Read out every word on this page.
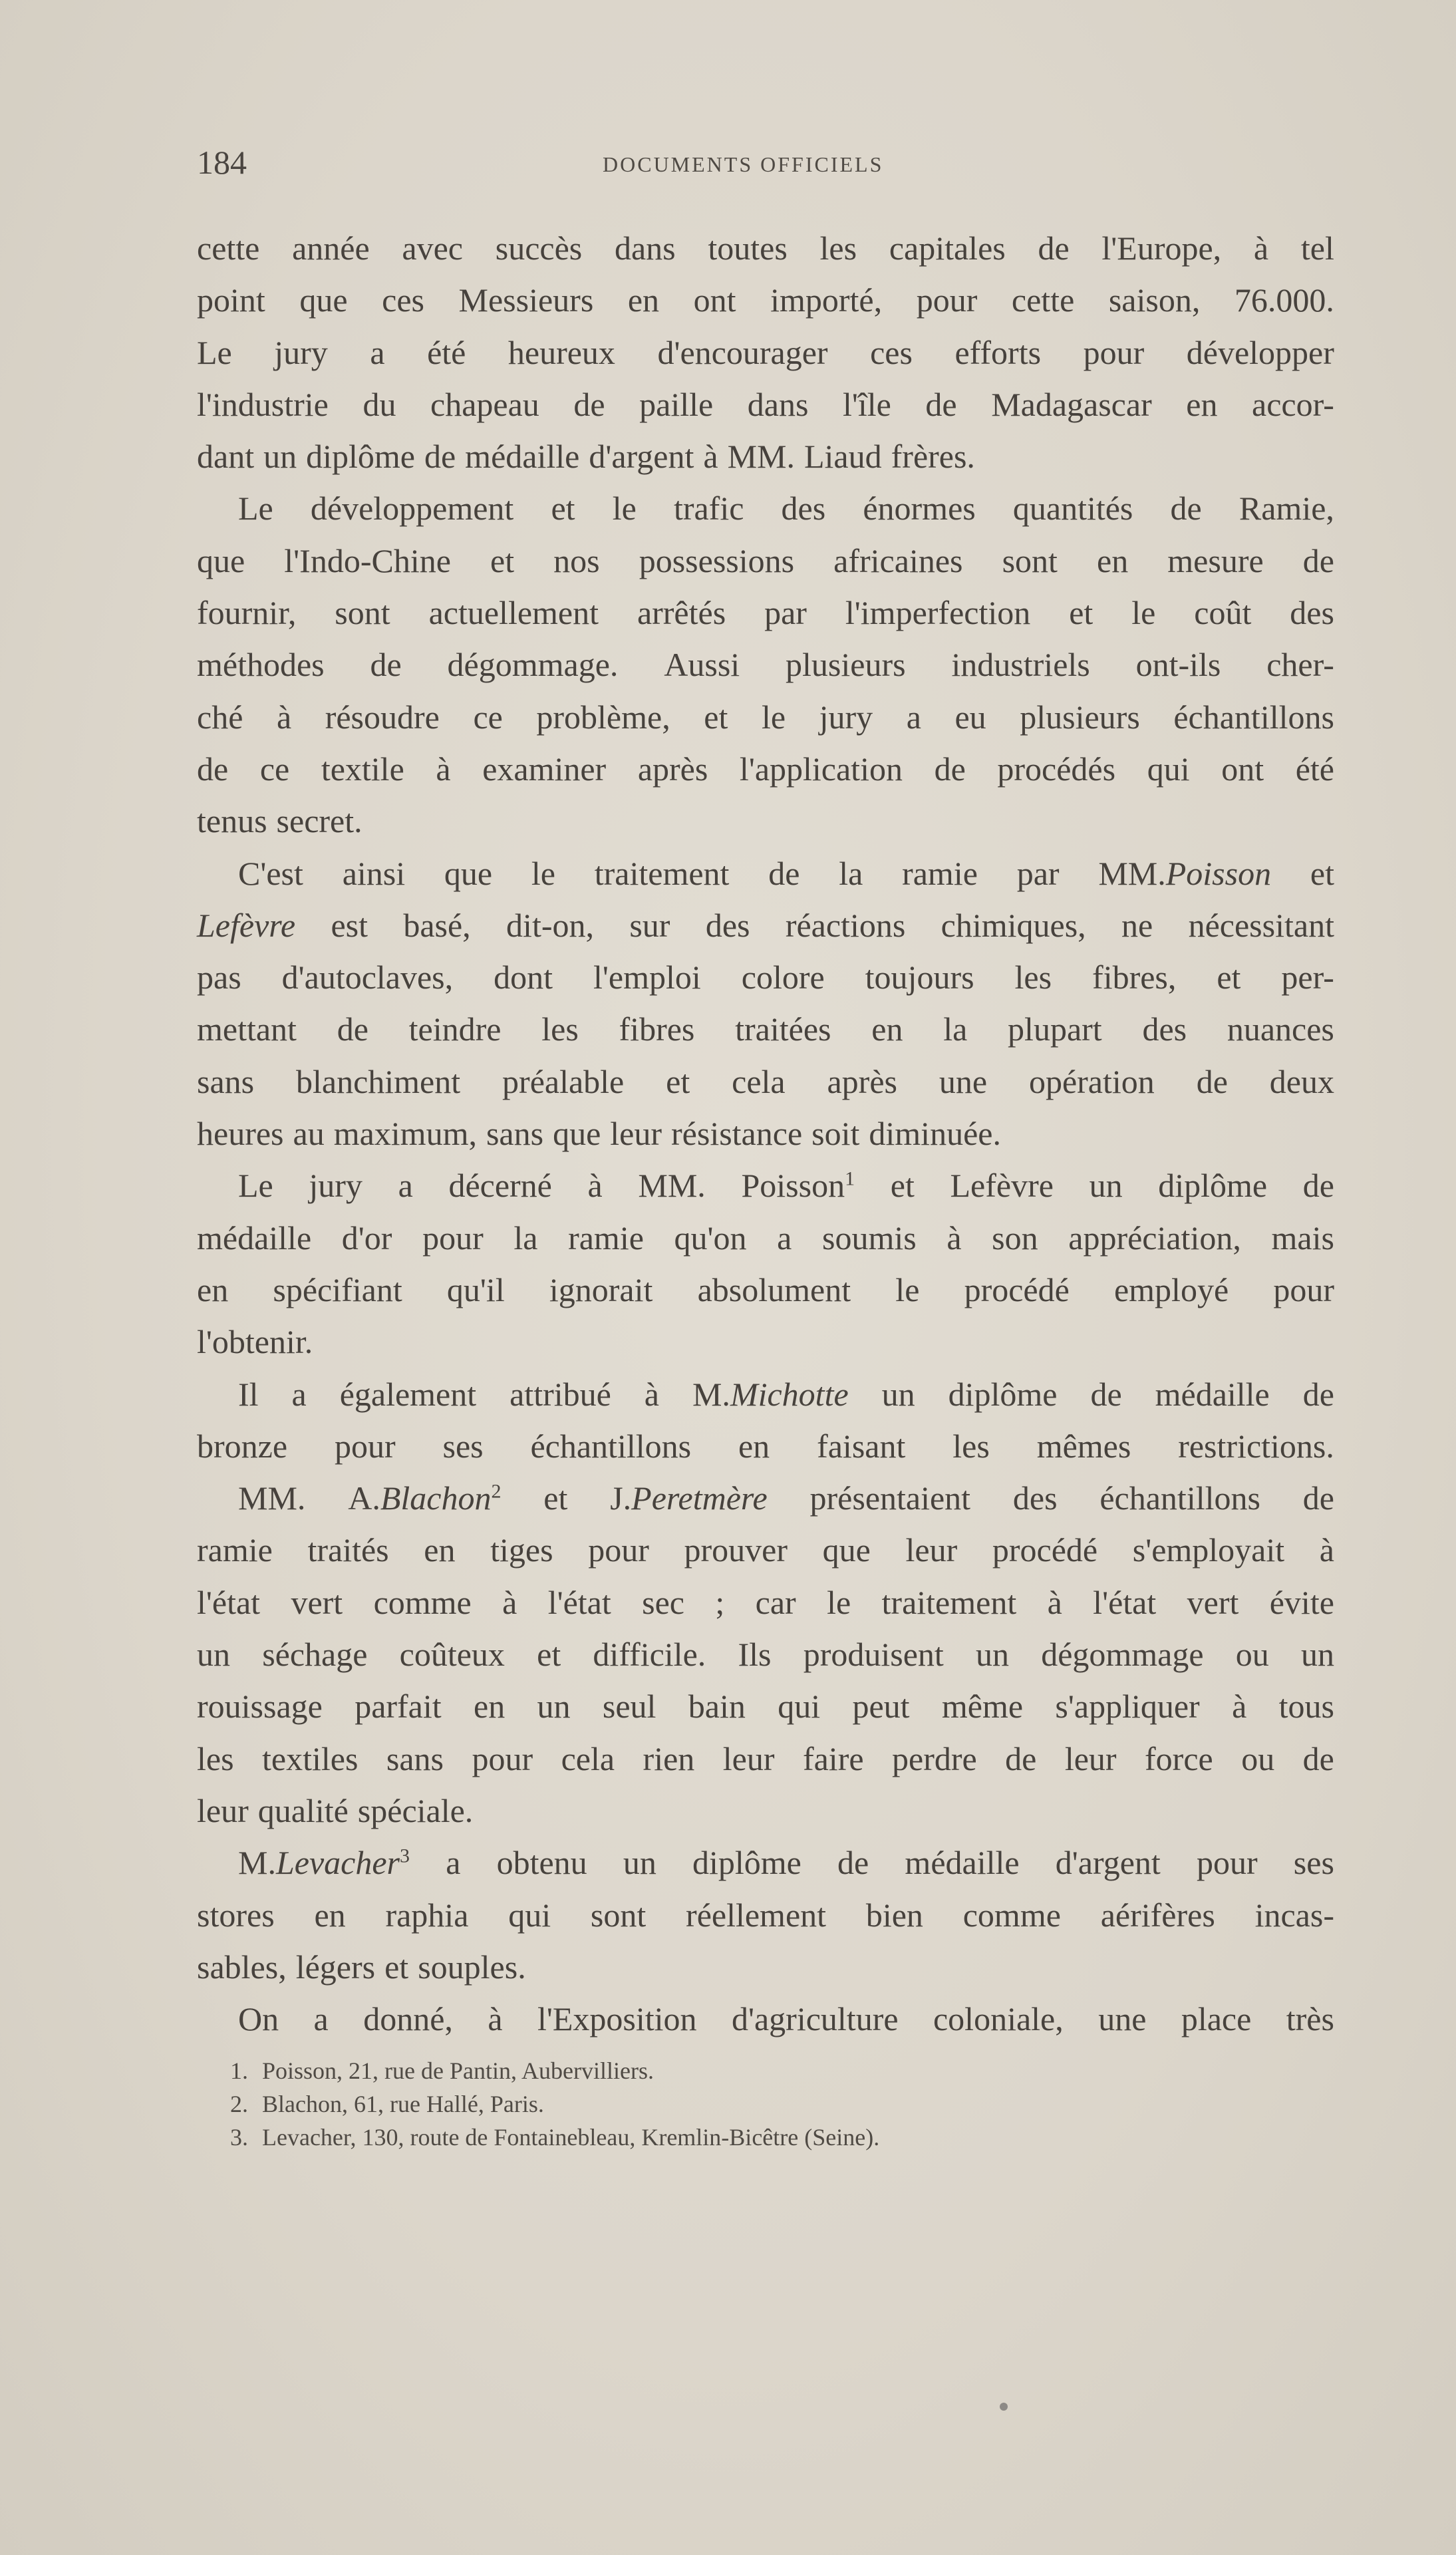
184	DOCUMENTS OFFICIELS
cette année avec succès dans toutes les capitales de l'Europe, à tel
point que ces Messieurs en ont importé, pour cette saison, 76.000.
Le jury a été heureux d'encourager ces efforts pour développer
l'industrie du chapeau de paille dans l'île de Madagascar en accor-
dant un diplôme de médaille d'argent à MM. Liaud frères.
Le développement et le trafic des énormes quantités de Ramie,
que l'Indo-Chine et nos possessions africaines sont en mesure de
fournir, sont actuellement arrêtés par l'imperfection et le coût des
méthodes de dégommage. Aussi plusieurs industriels ont-ils cher-
ché à résoudre ce problème, et le jury a eu plusieurs échantillons
de ce textile à examiner après l'application de procédés qui ont été
tenus secret.
C'est ainsi que le traitement de la ramie par MM.Poisson et
Lefèvre est basé, dit-on, sur des réactions chimiques, ne nécessitant
pas d'autoclaves, dont l'emploi colore toujours les fibres, et per-
mettant de teindre les fibres traitées en la plupart des nuances
sans blanchiment préalable et cela après une opération de deux
heures au maximum, sans que leur résistance soit diminuée.
Le jury a décerné à MM. Poisson$^1$ et Lefèvre un diplôme de
médaille d'or pour la ramie qu'on a soumis à son appréciation, mais
en spécifiant qu'il ignorait absolument le procédé employé pour
l'obtenir.
Il a également attribué à M.Michotte un diplôme de médaille de
bronze pour ses échantillons en faisant les mêmes restrictions.
MM. A.Blachon$^2$ et J.Peretmère présentaient des échantillons de
ramie traités en tiges pour prouver que leur procédé s'employait à
l'état vert comme à l'état sec ; car le traitement à l'état vert évite
un séchage coûteux et difficile. Ils produisent un dégommage ou un
rouissage parfait en un seul bain qui peut même s'appliquer à tous
les textiles sans pour cela rien leur faire perdre de leur force ou de
leur qualité spéciale.
M.Levacher$^3$ a obtenu un diplôme de médaille d'argent pour ses
stores en raphia qui sont réellement bien comme aérifères incas-
sables, légers et souples.
On a donné, à l'Exposition d'agriculture coloniale, une place très
1. Poisson, 21, rue de Pantin, Aubervilliers.
2. Blachon, 61, rue Hallé, Paris.
3. Levacher, 130, route de Fontainebleau, Kremlin-Bicêtre (Seine).
